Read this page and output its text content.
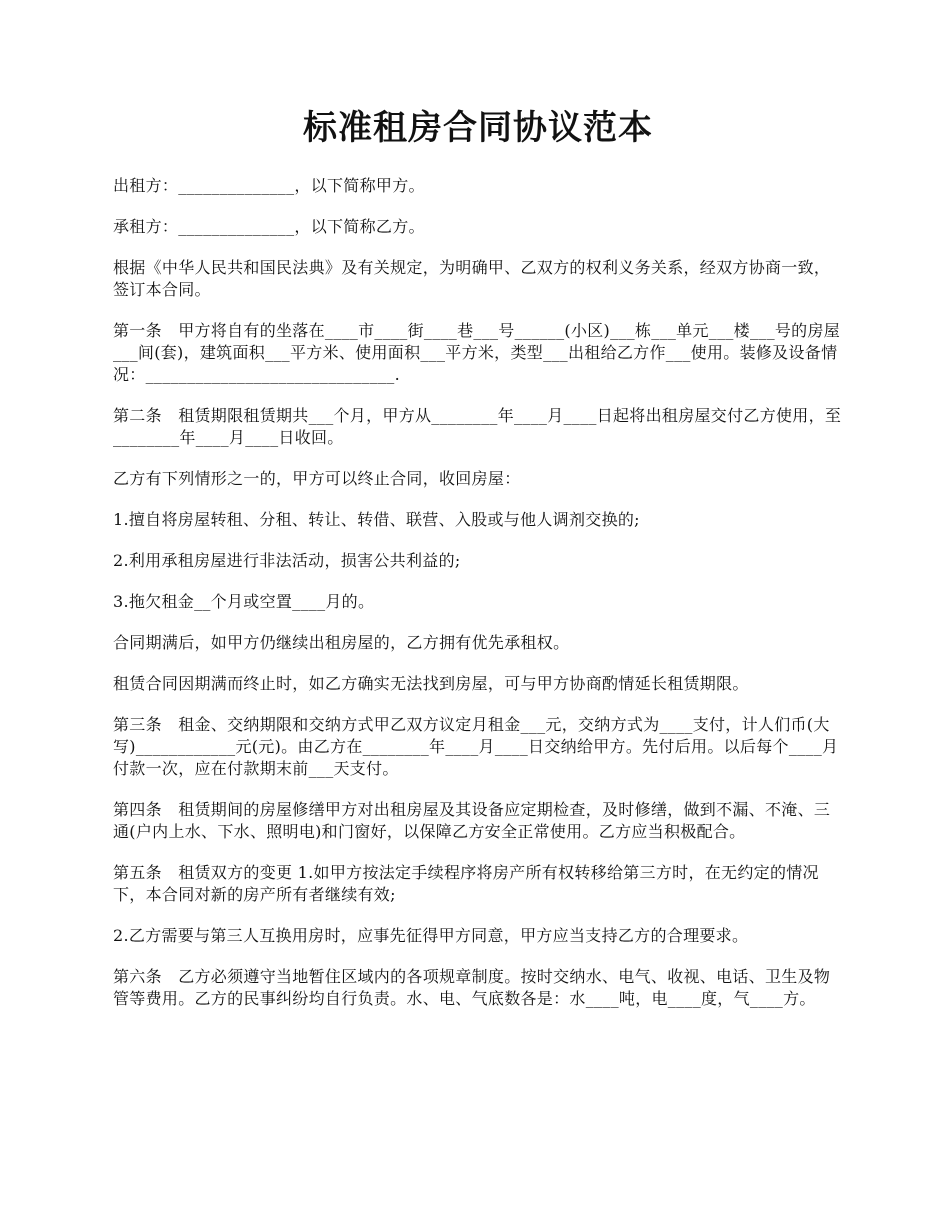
标准租房合同协议范本

出租方：______________，以下简称甲方。

承租方：______________，以下简称乙方。

根据《中华人民共和国民法典》及有关规定，为明确甲、乙双方的权利义务关系，经双方协商一致，签订本合同。

第一条　甲方将自有的坐落在____市____街____巷___号______(小区)___栋___单元___楼___号的房屋___间(套)，建筑面积___平方米、使用面积___平方米，类型___出租给乙方作___使用。装修及设备情况：______________________________.

第二条　租赁期限租赁期共___个月，甲方从________年____月____日起将出租房屋交付乙方使用，至________年____月____日收回。

乙方有下列情形之一的，甲方可以终止合同，收回房屋：

1.擅自将房屋转租、分租、转让、转借、联营、入股或与他人调剂交换的;

2.利用承租房屋进行非法活动，损害公共利益的;

3.拖欠租金__个月或空置____月的。

合同期满后，如甲方仍继续出租房屋的，乙方拥有优先承租权。

租赁合同因期满而终止时，如乙方确实无法找到房屋，可与甲方协商酌情延长租赁期限。

第三条　租金、交纳期限和交纳方式甲乙双方议定月租金___元，交纳方式为____支付，计人们币(大写)____________元(元)。由乙方在________年____月____日交纳给甲方。先付后用。以后每个____月付款一次，应在付款期末前___天支付。

第四条　租赁期间的房屋修缮甲方对出租房屋及其设备应定期检查，及时修缮，做到不漏、不淹、三通(户内上水、下水、照明电)和门窗好，以保障乙方安全正常使用。乙方应当积极配合。

第五条　租赁双方的变更 1.如甲方按法定手续程序将房产所有权转移给第三方时，在无约定的情况下，本合同对新的房产所有者继续有效;

2.乙方需要与第三人互换用房时，应事先征得甲方同意，甲方应当支持乙方的合理要求。

第六条　乙方必须遵守当地暂住区域内的各项规章制度。按时交纳水、电气、收视、电话、卫生及物管等费用。乙方的民事纠纷均自行负责。水、电、气底数各是：水____吨，电____度，气____方。
